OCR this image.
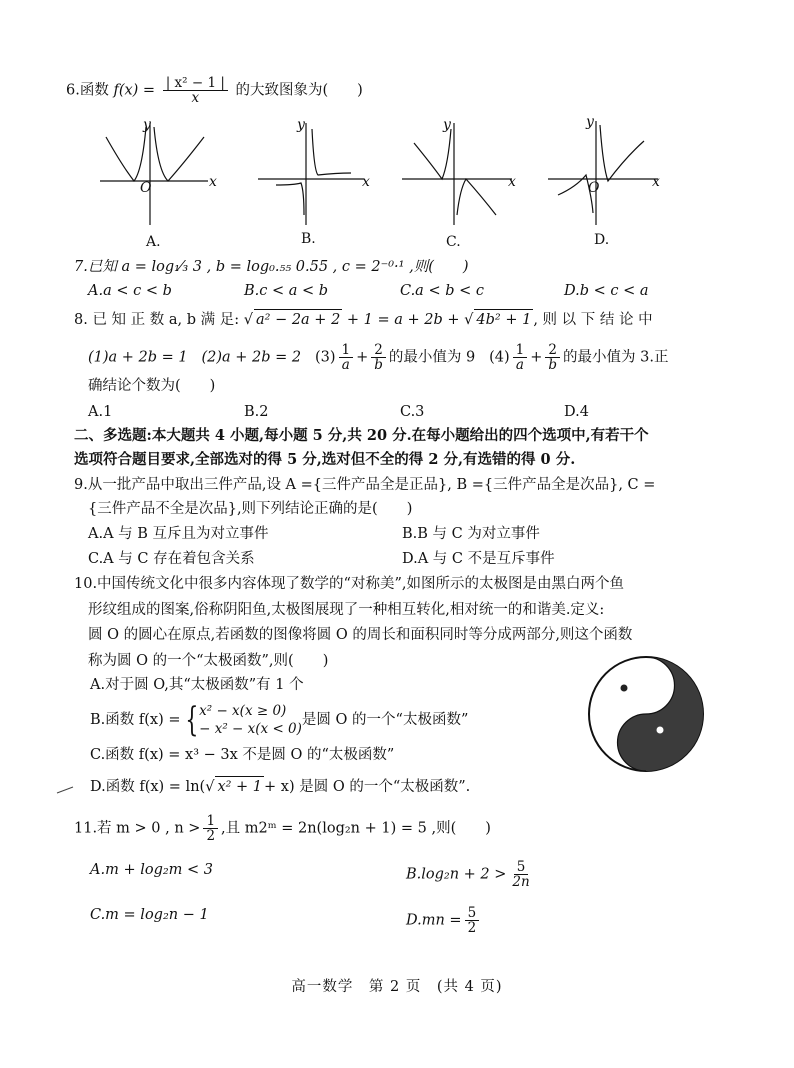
6.函数 $f(x) = \frac{\text{| x² − 1 |}}{x}$ 的大致图象为(　　)
y
x
O
A.
y
x
B.
y
x
C.
y
x
O
D.
7.已知 a = log₁⁄₃ 3 , b = log₀.₅₅ 0.55 , c = 2⁻⁰·¹ ,则(　　)
A.a < c < b	B.c < a < b	C.a < b < c	D.b < c < a
8. 已 知 正 数 a, b 满 足: √ a² − 2a + 2 + 1 = a + 2b + √ 4b² + 1 , 则 以 下 结 论 中
(1)a + 2b = 1 (2)a + 2b = 2 $(3) \frac{1}{a} + \frac{2}{b}$ 的最小值为 9 $(4) \frac{1}{a} + \frac{2}{b}$ 的最小值为 3.正
确结论个数为(　　)
A.1	B.2	C.3	D.4
二、多选题:本大题共 4 小题,每小题 5 分,共 20 分.在每小题给出的四个选项中,有若干个
选项符合题目要求,全部选对的得 5 分,选对但不全的得 2 分,有选错的得 0 分.
9.从一批产品中取出三件产品,设 A ={三件产品全是正品}, B ={三件产品全是次品}, C =
{三件产品不全是次品},则下列结论正确的是(　　)
A.A 与 B 互斥且为对立事件	B.B 与 C 为对立事件
C.A 与 C 存在着包含关系	D.A 与 C 不是互斥事件
10.中国传统文化中很多内容体现了数学的“对称美”,如图所示的太极图是由黑白两个鱼
形纹组成的图案,俗称阴阳鱼,太极图展现了一种相互转化,相对统一的和谐美.定义:
圆 O 的圆心在原点,若函数的图像将圆 O 的周长和面积同时等分成两部分,则这个函数
称为圆 O 的一个“太极函数”,则(　　)
A.对于圆 O,其“太极函数”有 1 个
B.函数 f(x) = {x² − x(x ≥ 0)
− x² − x(x < 0)是圆 O 的一个“太极函数”
C.函数 f(x) = x³ − 3x 不是圆 O 的“太极函数”
D.函数 f(x) = ln(√ x² + 1 + x) 是圆 O 的一个“太极函数”.
11.若 m > 0 , $n > \frac{1}{2}$ ,且 m2ᵐ = 2n(log₂n + 1) = 5 ,则(　　)
A.m + log₂m < 3	$B.\log_2n + 2 > \frac{5}{2n}$
C.m = log₂n − 1	$D.mn = \frac{5}{2}$
高一数学　第 2 页　(共 4 页)
